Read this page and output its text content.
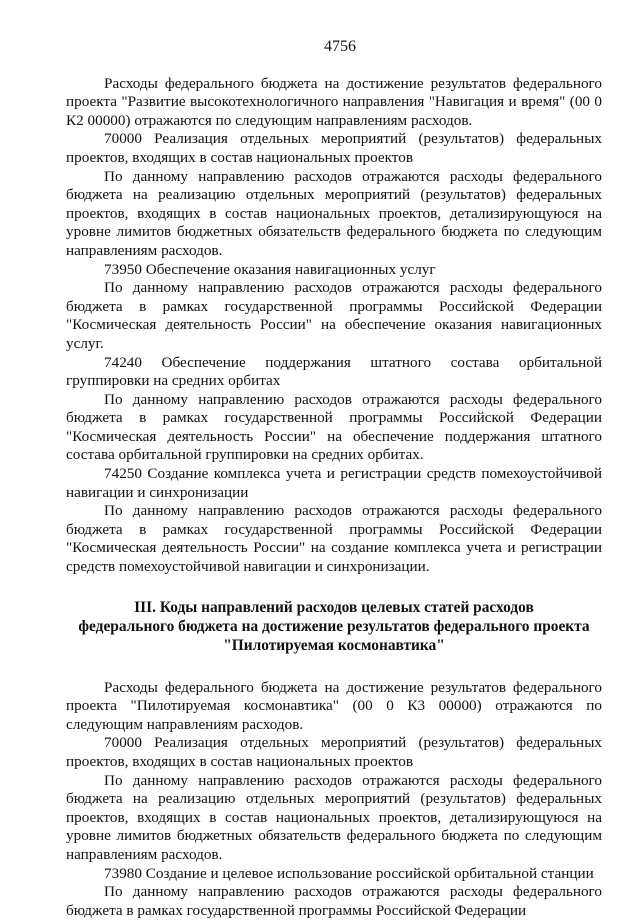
4756

Расходы федерального бюджета на достижение результатов федерального проекта "Развитие высокотехнологичного направления "Навигация и время" (00 0 К2 00000) отражаются по следующим направлениям расходов.

70000 Реализация отдельных мероприятий (результатов) федеральных проектов, входящих в состав национальных проектов

По данному направлению расходов отражаются расходы федерального бюджета на реализацию отдельных мероприятий (результатов) федеральных проектов, входящих в состав национальных проектов, детализирующуюся на уровне лимитов бюджетных обязательств федерального бюджета по следующим направлениям расходов.

73950 Обеспечение оказания навигационных услуг

По данному направлению расходов отражаются расходы федерального бюджета в рамках государственной программы Российской Федерации "Космическая деятельность России" на обеспечение оказания навигационных услуг.

74240 Обеспечение поддержания штатного состава орбитальной группировки на средних орбитах

По данному направлению расходов отражаются расходы федерального бюджета в рамках государственной программы Российской Федерации "Космическая деятельность России" на обеспечение поддержания штатного состава орбитальной группировки на средних орбитах.

74250 Создание комплекса учета и регистрации средств помехоустойчивой навигации и синхронизации

По данному направлению расходов отражаются расходы федерального бюджета в рамках государственной программы Российской Федерации "Космическая деятельность России" на создание комплекса учета и регистрации средств помехоустойчивой навигации и синхронизации.

III. Коды направлений расходов целевых статей расходов
федерального бюджета на достижение результатов федерального проекта
"Пилотируемая космонавтика"

Расходы федерального бюджета на достижение результатов федерального проекта "Пилотируемая космонавтика" (00 0 К3 00000) отражаются по следующим направлениям расходов.

70000 Реализация отдельных мероприятий (результатов) федеральных проектов, входящих в состав национальных проектов

По данному направлению расходов отражаются расходы федерального бюджета на реализацию отдельных мероприятий (результатов) федеральных проектов, входящих в состав национальных проектов, детализирующуюся на уровне лимитов бюджетных обязательств федерального бюджета по следующим направлениям расходов.

73980 Создание и целевое использование российской орбитальной станции

По данному направлению расходов отражаются расходы федерального бюджета в рамках государственной программы Российской Федерации
